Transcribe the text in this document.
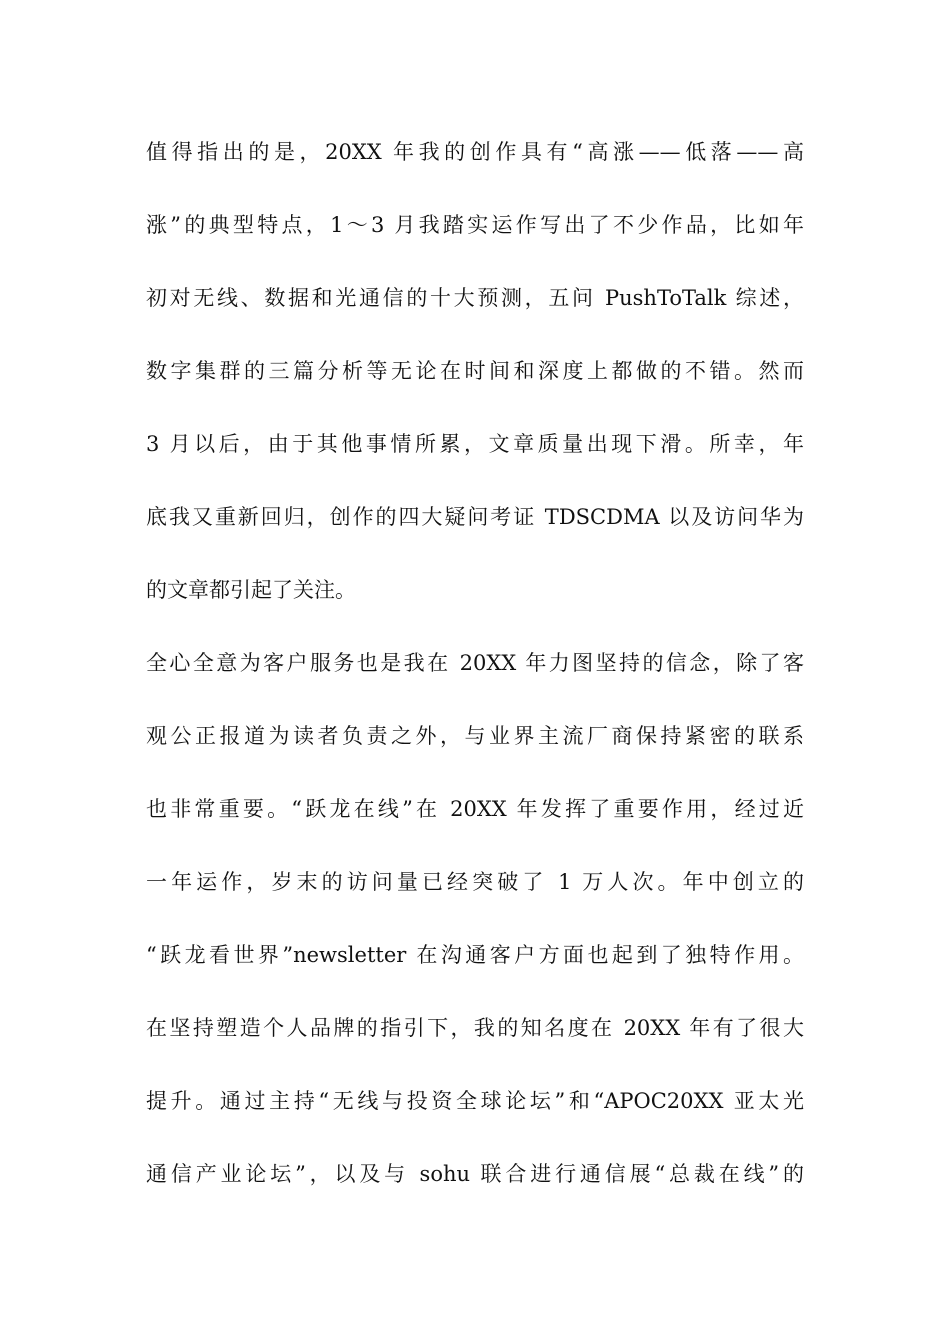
值得指出的是，20XX 年我的创作具有“高涨——低落——高
涨”的典型特点，1～3 月我踏实运作写出了不少作品，比如年
初对无线、数据和光通信的十大预测，五问 PushToTalk 综述，
数字集群的三篇分析等无论在时间和深度上都做的不错。然而
3 月以后，由于其他事情所累，文章质量出现下滑。所幸，年
底我又重新回归，创作的四大疑问考证 TDSCDMA 以及访问华为
的文章都引起了关注。
全心全意为客户服务也是我在 20XX 年力图坚持的信念，除了客
观公正报道为读者负责之外，与业界主流厂商保持紧密的联系
也非常重要。“跃龙在线”在 20XX 年发挥了重要作用，经过近
一年运作，岁末的访问量已经突破了 1 万人次。年中创立的
“跃龙看世界”newsletter 在沟通客户方面也起到了独特作用。
在坚持塑造个人品牌的指引下，我的知名度在 20XX 年有了很大
提升。通过主持“无线与投资全球论坛”和“APOC20XX 亚太光
通信产业论坛”，以及与 sohu 联合进行通信展“总裁在线”的
